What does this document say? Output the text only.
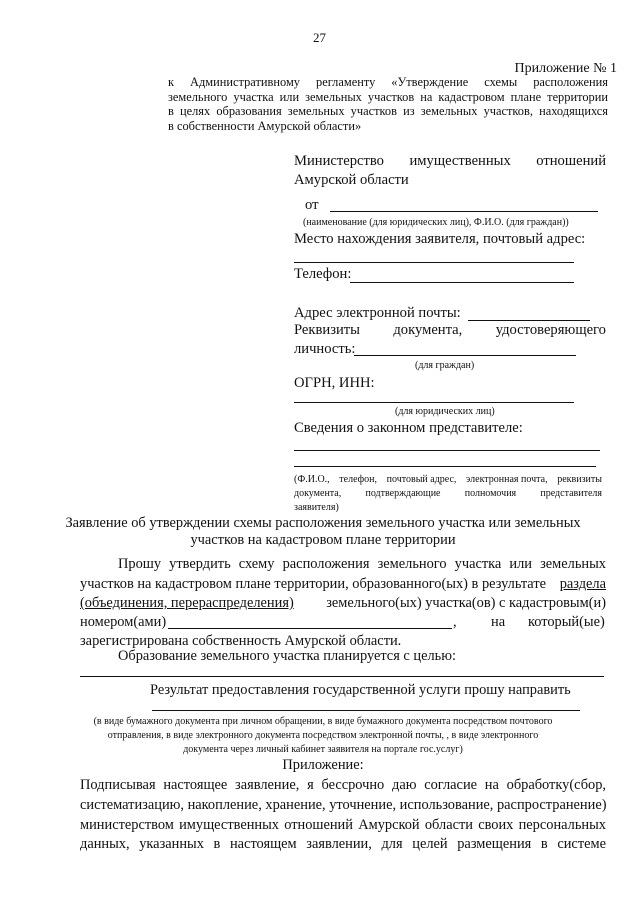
27
Приложение № 1
к Административному регламенту «Утверждение схемы расположения
земельного участка или земельных участков на кадастровом плане территории
в целях образования земельных участков из земельных участков, находящихся
в собственности Амурской области»
Министерство имущественных отношений
Амурской области
от
(наименование (для юридических лиц), Ф.И.О. (для граждан))
Место нахождения заявителя, почтовый адрес:
Телефон:
Адрес электронной почты:
Реквизиты документа, удостоверяющего
личность:
(для граждан)
ОГРН, ИНН:
(для юридических лиц)
Сведения о законном представителе:
(Ф.И.О., телефон, почтовый адрес, электронная почта, реквизиты
документа, подтверждающие полномочия представителя
заявителя)
Заявление об утверждении схемы расположения земельного участка или земельных
участков на кадастровом плане территории
Прошу утвердить схему расположения земельного участка или земельных
участков на кадастровом плане территории, образованного(ых) в результате раздела
(объединения, перераспределения) земельного(ых) участка(ов) с кадастровым(и)
номером(ами)	, на который(ые)
зарегистрирована собственность Амурской области.
Образование земельного участка планируется с целью:
Результат предоставления государственной услуги прошу направить
(в виде бумажного документа при личном обращении, в виде бумажного документа посредством почтового
отправления, в виде электронного документа посредством электронной почты, , в виде электронного
документа через личный кабинет заявителя на портале гос.услуг)
Приложение:
Подписывая настоящее заявление, я бессрочно даю согласие на обработку(сбор,
систематизацию, накопление, хранение, уточнение, использование, распространение)
министерством имущественных отношений Амурской области своих персональных
данных, указанных в настоящем заявлении, для целей размещения в системе
